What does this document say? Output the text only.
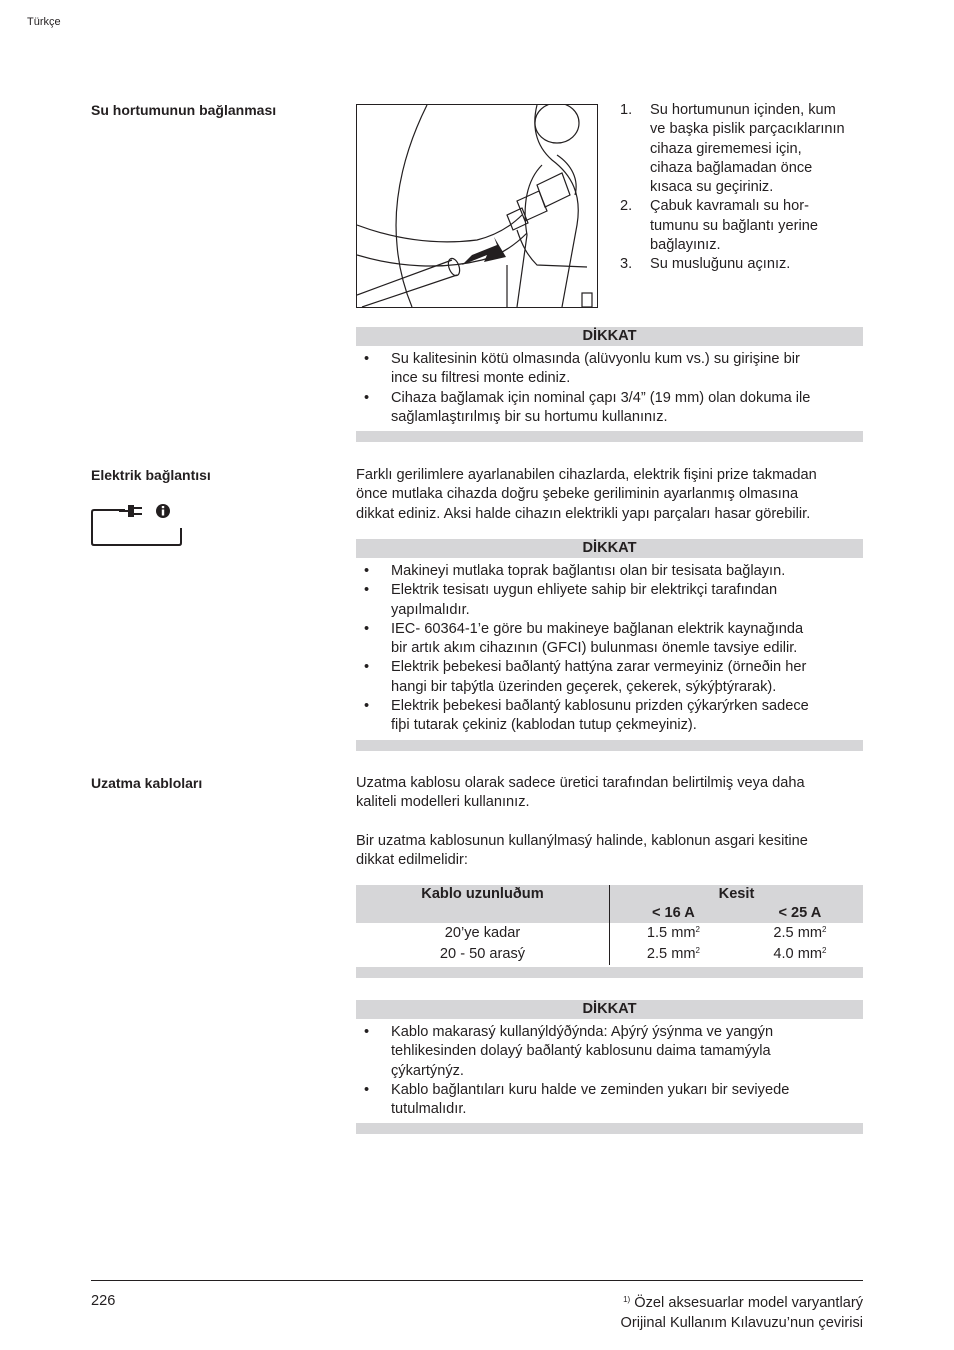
Türkçe
Su hortumunun bağlanması	1. Su hortumunun içinden, kum
ve başka pislik parçacıklarının
cihaza girememesi için,
cihaza bağlamadan önce
kısaca su geçiriniz.
2. Çabuk kavramalı su hor-
tumunu su bağlantı yerine
bağlayınız.
3. Su musluğunu açınız.
DİKKAT
• Su kalitesinin kötü olmasında (alüvyonlu kum vs.) su girişine bir
ince su filtresi monte ediniz.
• Cihaza bağlamak için nominal çapı 3/4” (19 mm) olan dokuma ile
sağlamlaştırılmış bir su hortumu kullanınız.
Elektrik bağlantısı	Farklı gerilimlere ayarlanabilen cihazlarda, elektrik fişini prize takmadan
önce mutlaka cihazda doğru şebeke geriliminin ayarlanmış olmasına
dikkat ediniz. Aksi halde cihazın elektrikli yapı parçaları hasar görebilir.
DİKKAT
• Makineyi mutlaka toprak bağlantısı olan bir tesisata bağlayın.
• Elektrik tesisatı uygun ehliyete sahip bir elektrikçi tarafından
yapılmalıdır.
• IEC- 60364-1’e göre bu makineye bağlanan elektrik kaynağında
bir artık akım cihazının (GFCI) bulunması önemle tavsiye edilir.
• Elektrik þebekesi baðlantý hattýna zarar vermeyiniz (örneðin her
hangi bir taþýtla üzerinden geçerek, çekerek, sýkýþtýrarak).
• Elektrik þebekesi baðlantý kablosunu prizden çýkarýrken sadece
fiþi tutarak çekiniz (kablodan tutup çekmeyiniz).
Uzatma kabloları	Uzatma kablosu olarak sadece üretici tarafından belirtilmiş veya daha
kaliteli modelleri kullanınız.
Bir uzatma kablosunun kullanýlmasý halinde, kablonun asgari kesitine
dikkat edilmelidir:
Kablo uzunluðum	Kesit	
	< 16 A	< 25 A
20’ye kadar	1.5 $mm^2$	2.5 $mm^2$
20 - 50 arasý	2.5 $mm^2$	4.0 $mm^2$
DİKKAT
• Kablo makarasý kullanýldýðýnda: Aþýrý ýsýnma ve yangýn
tehlikesinden dolayý baðlantý kablosunu daima tamamýyla
çýkartýnýz.
• Kablo bağlantıları kuru halde ve zeminden yukarı bir seviyede
tutulmalıdır.
226	$^{1)}$ Özel aksesuarlar model varyantlarý
Orijinal Kullanım Kılavuzu’nun çevirisi
